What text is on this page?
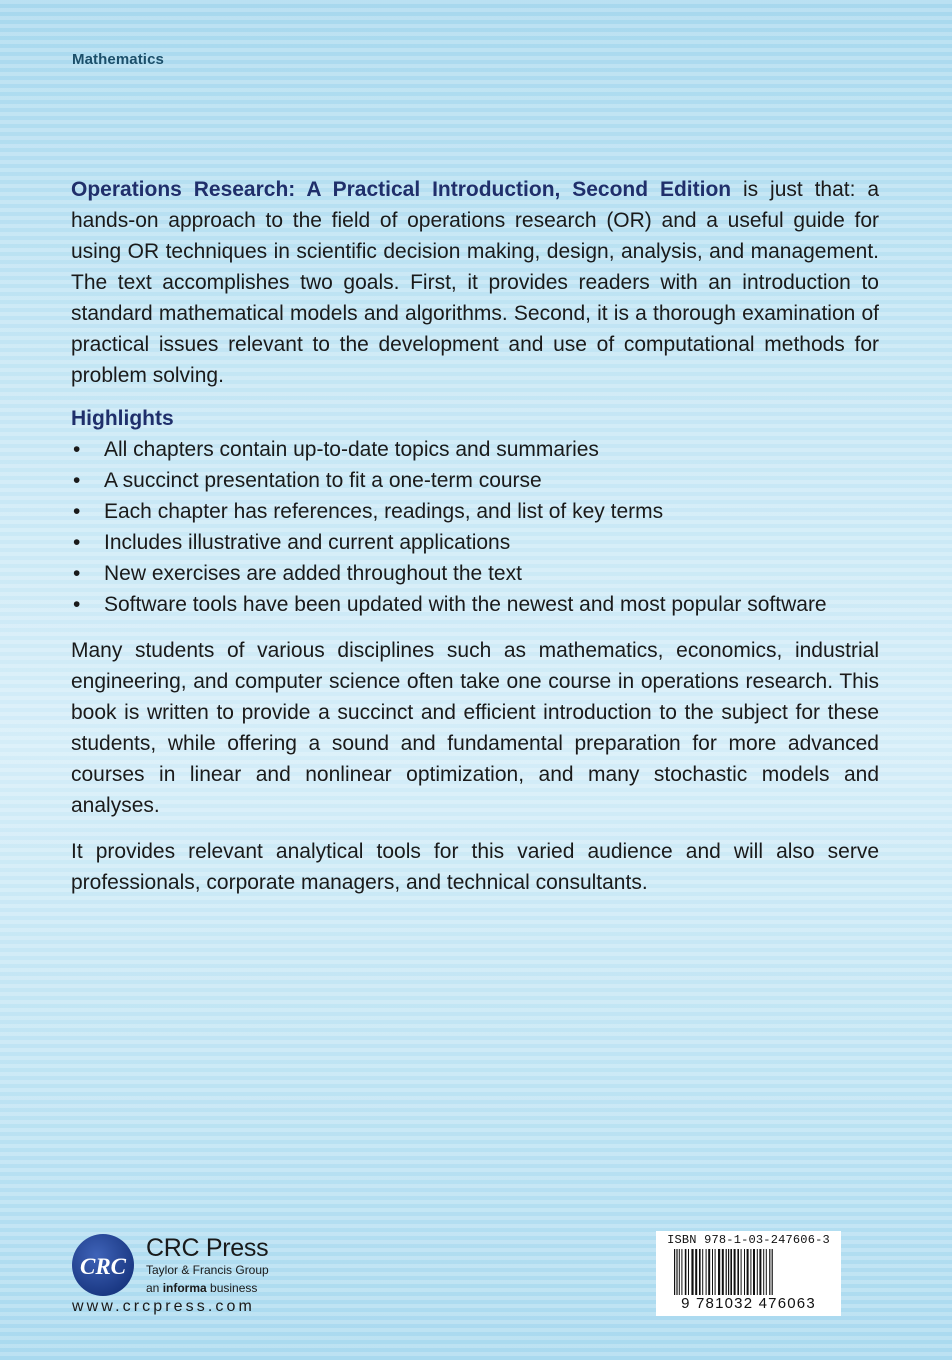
Mathematics

Operations Research: A Practical Introduction, Second Edition is just that: a hands-on approach to the field of operations research (OR) and a useful guide for using OR techniques in scientific decision making, design, analysis, and management. The text accomplishes two goals. First, it provides readers with an introduction to standard mathematical models and algorithms. Second, it is a thorough examination of practical issues relevant to the development and use of computational methods for problem solving.

Highlights
• All chapters contain up-to-date topics and summaries
• A succinct presentation to fit a one-term course
• Each chapter has references, readings, and list of key terms
• Includes illustrative and current applications
• New exercises are added throughout the text
• Software tools have been updated with the newest and most popular software

Many students of various disciplines such as mathematics, economics, industrial engineering, and computer science often take one course in operations research. This book is written to provide a succinct and efficient introduction to the subject for these students, while offering a sound and fundamental preparation for more advanced courses in linear and nonlinear optimization, and many stochastic models and analyses.

It provides relevant analytical tools for this varied audience and will also serve professionals, corporate managers, and technical consultants.

CRC
CRC Press
Taylor & Francis Group
an informa business
www.crcpress.com
ISBN 978-1-03-247606-3
9 781032 476063
